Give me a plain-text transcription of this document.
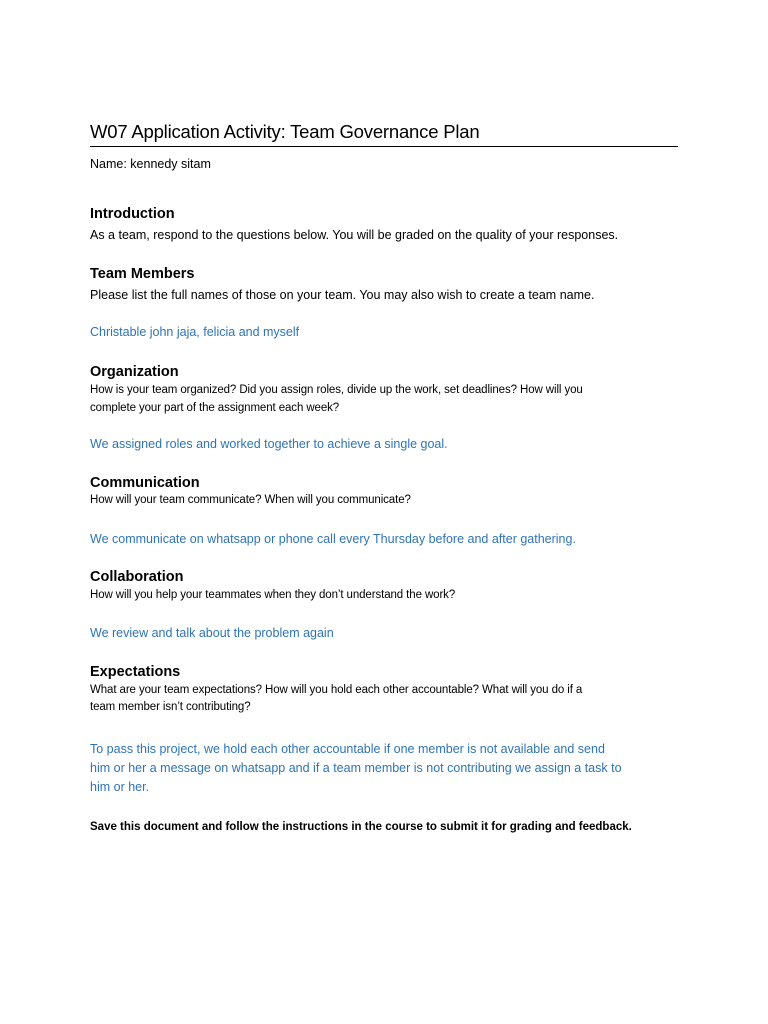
W07 Application Activity: Team Governance Plan
Name: kennedy sitam
Introduction
As a team, respond to the questions below. You will be graded on the quality of your responses.
Team Members
Please list the full names of those on your team. You may also wish to create a team name.
Christable john jaja, felicia and myself
Organization
How is your team organized? Did you assign roles, divide up the work, set deadlines? How will you
complete your part of the assignment each week?
We assigned roles and worked together to achieve a single goal.
Communication
How will your team communicate? When will you communicate?
We communicate on whatsapp or phone call every Thursday before and after gathering.
Collaboration
How will you help your teammates when they don’t understand the work?
We review and talk about the problem again
Expectations
What are your team expectations? How will you hold each other accountable? What will you do if a
team member isn’t contributing?
To pass this project, we hold each other accountable if one member is not available and send
him or her a message on whatsapp and if a team member is not contributing we assign a task to
him or her.
Save this document and follow the instructions in the course to submit it for grading and feedback.
